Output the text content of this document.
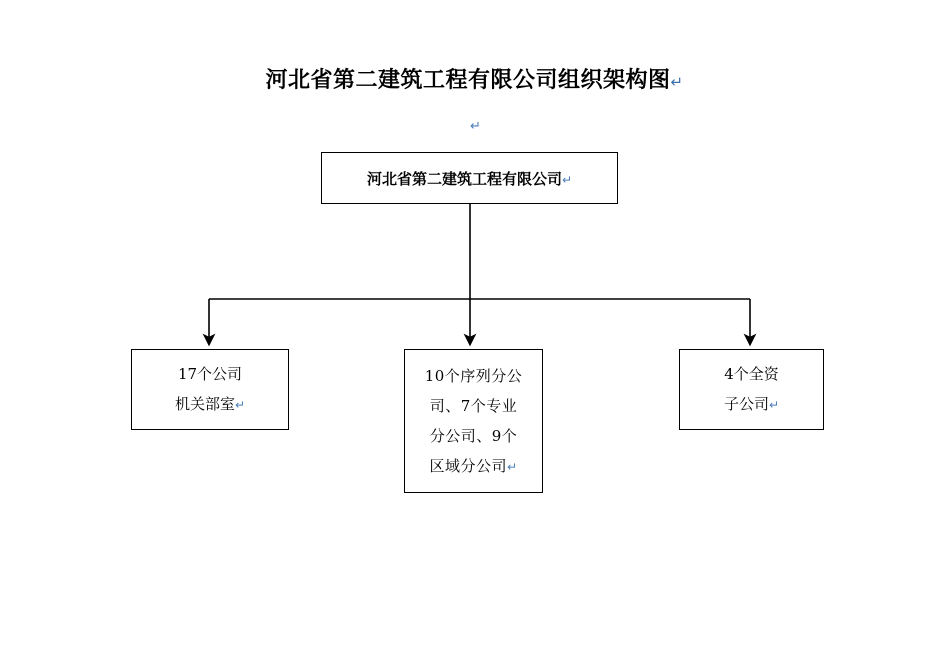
河北省第二建筑工程有限公司组织架构图↵
↵
河北省第二建筑工程有限公司↵
17个公司
机关部室↵
10个序列分公
司、7个专业
分公司、9个
区域分公司↵
4个全资
子公司↵
